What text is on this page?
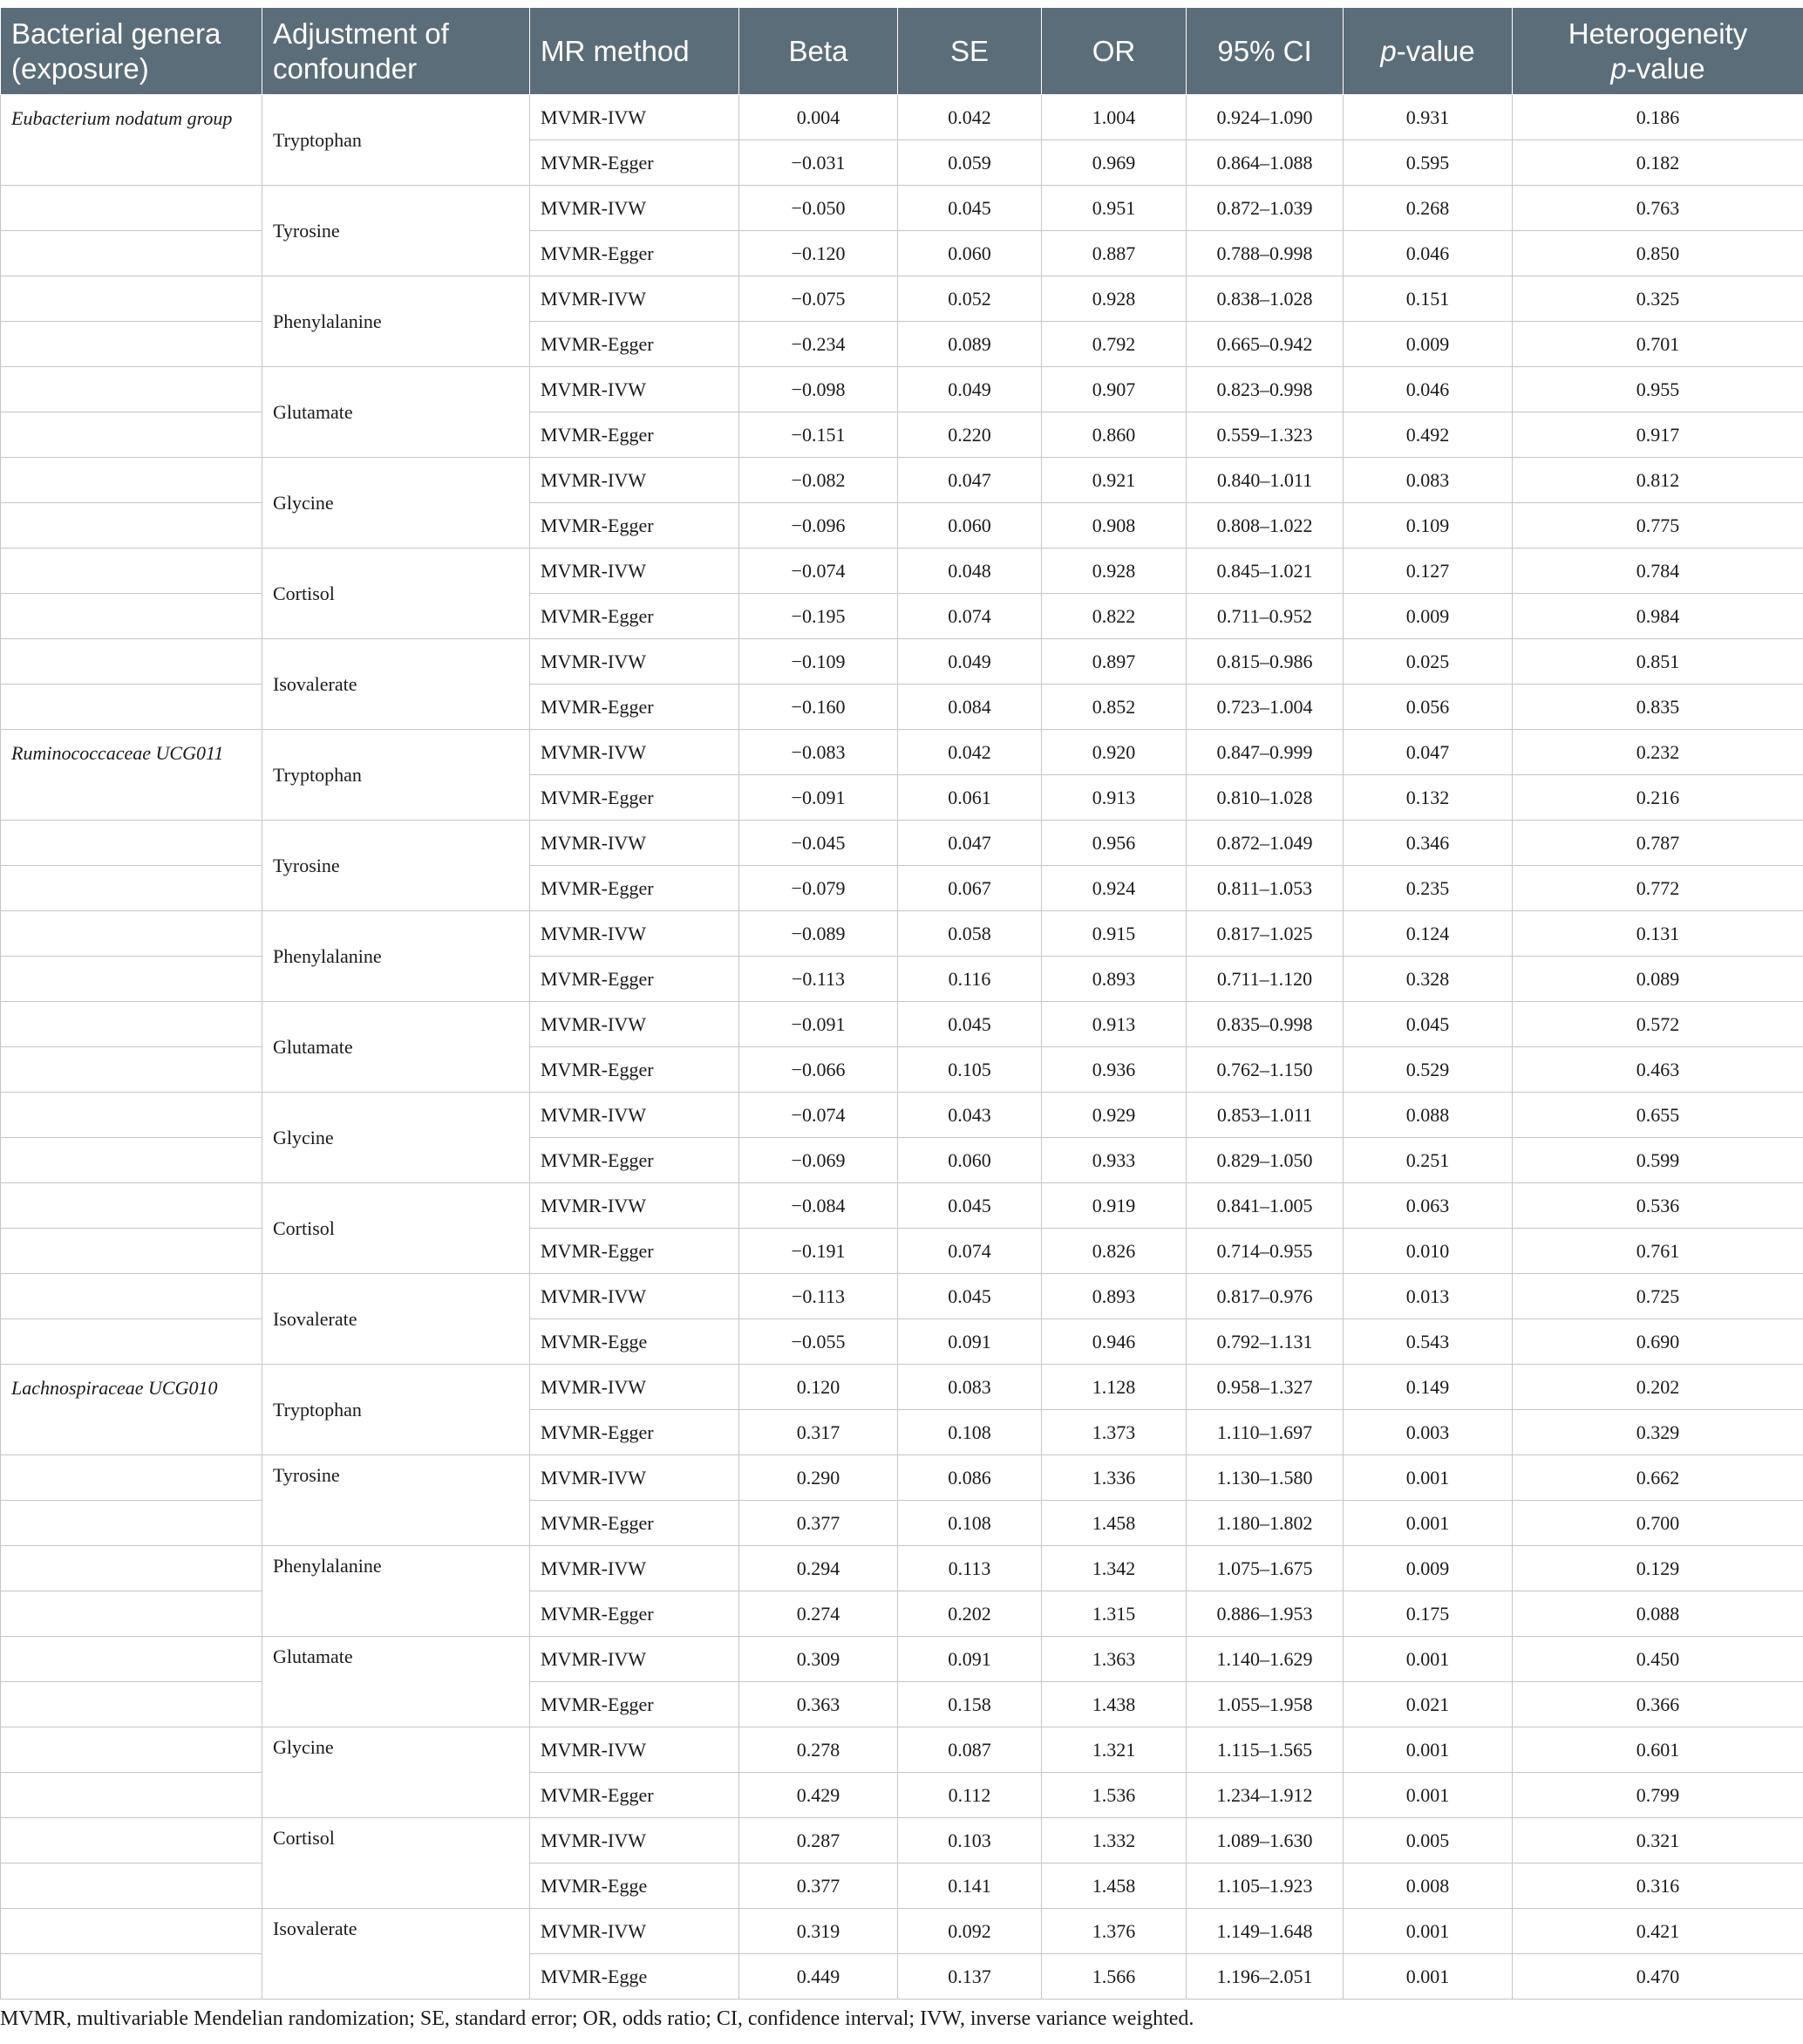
Bacterial genera (exposure)	Adjustment of confounder	MR method	Beta	SE	OR	95% CI	p-value	Heterogeneity
p-value
Eubacterium nodatum group	Tryptophan	MVMR-IVW	0.004	0.042	1.004	0.924–1.090	0.931	0.186
		MVMR-Egger	−0.031	0.059	0.969	0.864–1.088	0.595	0.182
	Tyrosine	MVMR-IVW	−0.050	0.045	0.951	0.872–1.039	0.268	0.763
		MVMR-Egger	−0.120	0.060	0.887	0.788–0.998	0.046	0.850
	Phenylalanine	MVMR-IVW	−0.075	0.052	0.928	0.838–1.028	0.151	0.325
		MVMR-Egger	−0.234	0.089	0.792	0.665–0.942	0.009	0.701
	Glutamate	MVMR-IVW	−0.098	0.049	0.907	0.823–0.998	0.046	0.955
		MVMR-Egger	−0.151	0.220	0.860	0.559–1.323	0.492	0.917
	Glycine	MVMR-IVW	−0.082	0.047	0.921	0.840–1.011	0.083	0.812
		MVMR-Egger	−0.096	0.060	0.908	0.808–1.022	0.109	0.775
	Cortisol	MVMR-IVW	−0.074	0.048	0.928	0.845–1.021	0.127	0.784
		MVMR-Egger	−0.195	0.074	0.822	0.711–0.952	0.009	0.984
	Isovalerate	MVMR-IVW	−0.109	0.049	0.897	0.815–0.986	0.025	0.851
		MVMR-Egger	−0.160	0.084	0.852	0.723–1.004	0.056	0.835
Ruminococcaceae UCG011	Tryptophan	MVMR-IVW	−0.083	0.042	0.920	0.847–0.999	0.047	0.232
		MVMR-Egger	−0.091	0.061	0.913	0.810–1.028	0.132	0.216
	Tyrosine	MVMR-IVW	−0.045	0.047	0.956	0.872–1.049	0.346	0.787
		MVMR-Egger	−0.079	0.067	0.924	0.811–1.053	0.235	0.772
	Phenylalanine	MVMR-IVW	−0.089	0.058	0.915	0.817–1.025	0.124	0.131
		MVMR-Egger	−0.113	0.116	0.893	0.711–1.120	0.328	0.089
	Glutamate	MVMR-IVW	−0.091	0.045	0.913	0.835–0.998	0.045	0.572
		MVMR-Egger	−0.066	0.105	0.936	0.762–1.150	0.529	0.463
	Glycine	MVMR-IVW	−0.074	0.043	0.929	0.853–1.011	0.088	0.655
		MVMR-Egger	−0.069	0.060	0.933	0.829–1.050	0.251	0.599
	Cortisol	MVMR-IVW	−0.084	0.045	0.919	0.841–1.005	0.063	0.536
		MVMR-Egger	−0.191	0.074	0.826	0.714–0.955	0.010	0.761
	Isovalerate	MVMR-IVW	−0.113	0.045	0.893	0.817–0.976	0.013	0.725
		MVMR-Egge	−0.055	0.091	0.946	0.792–1.131	0.543	0.690
Lachnospiraceae UCG010	Tryptophan	MVMR-IVW	0.120	0.083	1.128	0.958–1.327	0.149	0.202
		MVMR-Egger	0.317	0.108	1.373	1.110–1.697	0.003	0.329
	Tyrosine	MVMR-IVW	0.290	0.086	1.336	1.130–1.580	0.001	0.662
		MVMR-Egger	0.377	0.108	1.458	1.180–1.802	0.001	0.700
	Phenylalanine	MVMR-IVW	0.294	0.113	1.342	1.075–1.675	0.009	0.129
		MVMR-Egger	0.274	0.202	1.315	0.886–1.953	0.175	0.088
	Glutamate	MVMR-IVW	0.309	0.091	1.363	1.140–1.629	0.001	0.450
		MVMR-Egger	0.363	0.158	1.438	1.055–1.958	0.021	0.366
	Glycine	MVMR-IVW	0.278	0.087	1.321	1.115–1.565	0.001	0.601
		MVMR-Egger	0.429	0.112	1.536	1.234–1.912	0.001	0.799
	Cortisol	MVMR-IVW	0.287	0.103	1.332	1.089–1.630	0.005	0.321
		MVMR-Egge	0.377	0.141	1.458	1.105–1.923	0.008	0.316
	Isovalerate	MVMR-IVW	0.319	0.092	1.376	1.149–1.648	0.001	0.421
		MVMR-Egge	0.449	0.137	1.566	1.196–2.051	0.001	0.470
MVMR, multivariable Mendelian randomization; SE, standard error; OR, odds ratio; CI, confidence interval; IVW, inverse variance weighted.
